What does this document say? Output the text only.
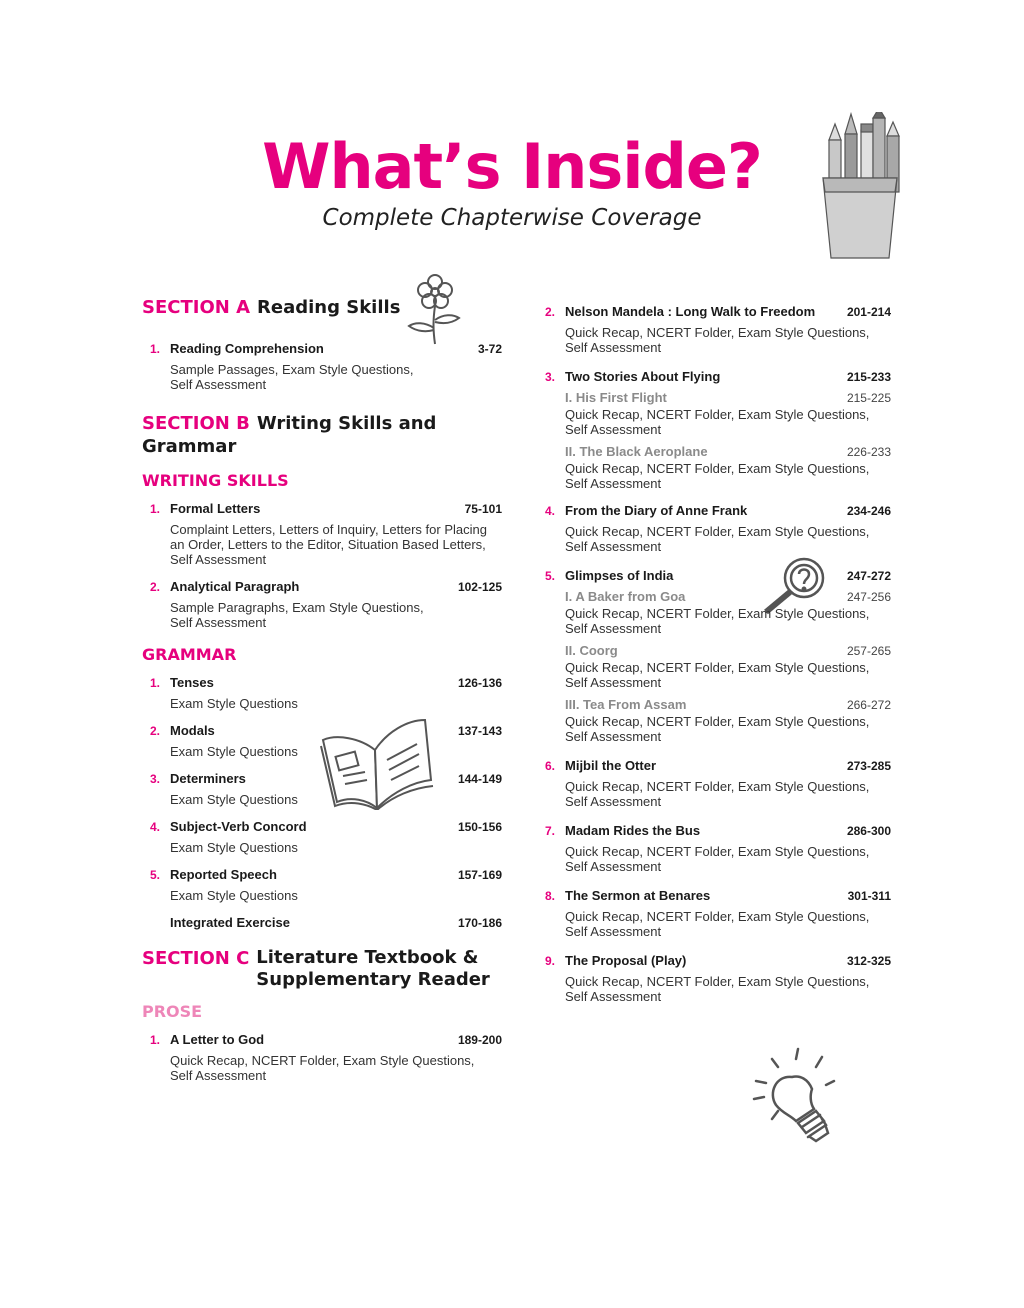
What’s Inside?
Complete Chapterwise Coverage
SECTION A Reading Skills
1. Reading Comprehension	3-72
Sample Passages, Exam Style Questions,
Self Assessment
SECTION B Writing Skills and Grammar
WRITING SKILLS
1. Formal Letters	75-101
Complaint Letters, Letters of Inquiry, Letters for Placing
an Order, Letters to the Editor, Situation Based Letters,
Self Assessment
2. Analytical Paragraph	102-125
Sample Paragraphs, Exam Style Questions,
Self Assessment
GRAMMAR
1. Tenses	126-136
Exam Style Questions
2. Modals	137-143
Exam Style Questions
3. Determiners	144-149
Exam Style Questions
4. Subject-Verb Concord	150-156
Exam Style Questions
5. Reported Speech	157-169
Exam Style Questions
Integrated Exercise	170-186
SECTION C Literature Textbook &
Supplementary Reader
PROSE
1. A Letter to God	189-200
Quick Recap, NCERT Folder, Exam Style Questions,
Self Assessment
2. Nelson Mandela : Long Walk to Freedom	201-214
Quick Recap, NCERT Folder, Exam Style Questions,
Self Assessment
3. Two Stories About Flying	215-233
I. His First Flight	215-225
Quick Recap, NCERT Folder, Exam Style Questions,
Self Assessment
II. The Black Aeroplane	226-233
Quick Recap, NCERT Folder, Exam Style Questions,
Self Assessment
4. From the Diary of Anne Frank	234-246
Quick Recap, NCERT Folder, Exam Style Questions,
Self Assessment
5. Glimpses of India	247-272
I. A Baker from Goa	247-256
Quick Recap, NCERT Folder, Exam Style Questions,
Self Assessment
II. Coorg	257-265
Quick Recap, NCERT Folder, Exam Style Questions,
Self Assessment
III. Tea From Assam	266-272
Quick Recap, NCERT Folder, Exam Style Questions,
Self Assessment
6. Mijbil the Otter	273-285
Quick Recap, NCERT Folder, Exam Style Questions,
Self Assessment
7. Madam Rides the Bus	286-300
Quick Recap, NCERT Folder, Exam Style Questions,
Self Assessment
8. The Sermon at Benares	301-311
Quick Recap, NCERT Folder, Exam Style Questions,
Self Assessment
9. The Proposal (Play)	312-325
Quick Recap, NCERT Folder, Exam Style Questions,
Self Assessment
